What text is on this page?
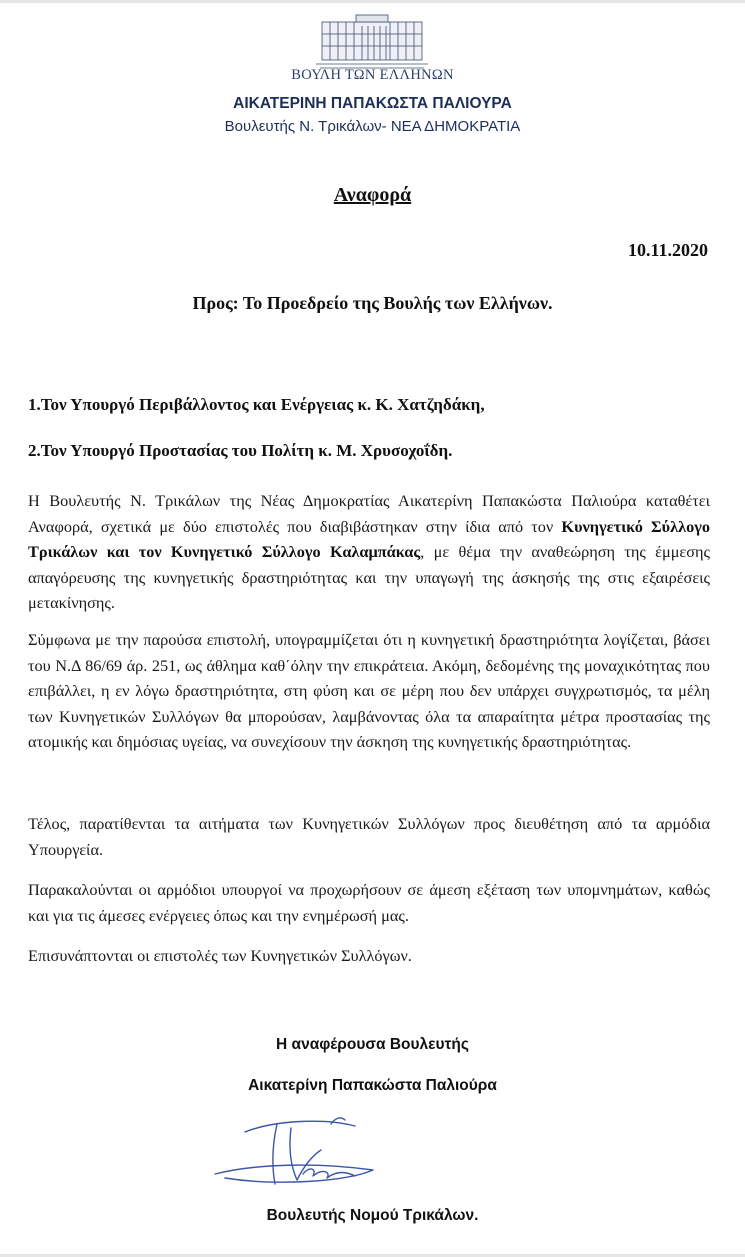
ΒΟΥΛΗ ΤΩΝ ΕΛΛΗΝΩΝ
ΑΙΚΑΤΕΡΙΝΗ ΠΑΠΑΚΩΣΤΑ ΠΑΛΙΟΥΡΑ
Βουλευτής Ν. Τρικάλων- ΝΕΑ ΔΗΜΟΚΡΑΤΙΑ
Αναφορά
10.11.2020
Προς: Το Προεδρείο της Βουλής των Ελλήνων.
1.Τον Υπουργό Περιβάλλοντος και Ενέργειας κ. Κ. Χατζηδάκη,
2.Τον Υπουργό Προστασίας του Πολίτη κ. Μ. Χρυσοχοΐδη.

Η Βουλευτής Ν. Τρικάλων της Νέας Δημοκρατίας Αικατερίνη Παπακώστα Παλιούρα καταθέτει Αναφορά, σχετικά με δύο επιστολές που διαβιβάστηκαν στην ίδια από τον Κυνηγετικό Σύλλογο Τρικάλων και τον Κυνηγετικό Σύλλογο Καλαμπάκας, με θέμα την αναθεώρηση της έμμεσης απαγόρευσης της κυνηγετικής δραστηριότητας και την υπαγωγή της άσκησής της στις εξαιρέσεις μετακίνησης.

Σύμφωνα με την παρούσα επιστολή, υπογραμμίζεται ότι η κυνηγετική δραστηριότητα λογίζεται, βάσει του Ν.Δ 86/69 άρ. 251, ως άθλημα καθ΄όλην την επικράτεια. Ακόμη, δεδομένης της μοναχικότητας που επιβάλλει, η εν λόγω δραστηριότητα, στη φύση και σε μέρη που δεν υπάρχει συγχρωτισμός, τα μέλη των Κυνηγετικών Συλλόγων θα μπορούσαν, λαμβάνοντας όλα τα απαραίτητα μέτρα προστασίας της ατομικής και δημόσιας υγείας, να συνεχίσουν την άσκηση της κυνηγετικής δραστηριότητας.

Τέλος, παρατίθενται τα αιτήματα των Κυνηγετικών Συλλόγων προς διευθέτηση από τα αρμόδια Υπουργεία.

Παρακαλούνται οι αρμόδιοι υπουργοί να προχωρήσουν σε άμεση εξέταση των υπομνημάτων, καθώς και για τις άμεσες ενέργειες όπως και την ενημέρωσή μας.

Επισυνάπτονται οι επιστολές των Κυνηγετικών Συλλόγων.

Η αναφέρουσα Βουλευτής
Αικατερίνη Παπακώστα Παλιούρα
Βουλευτής Νομού Τρικάλων.
